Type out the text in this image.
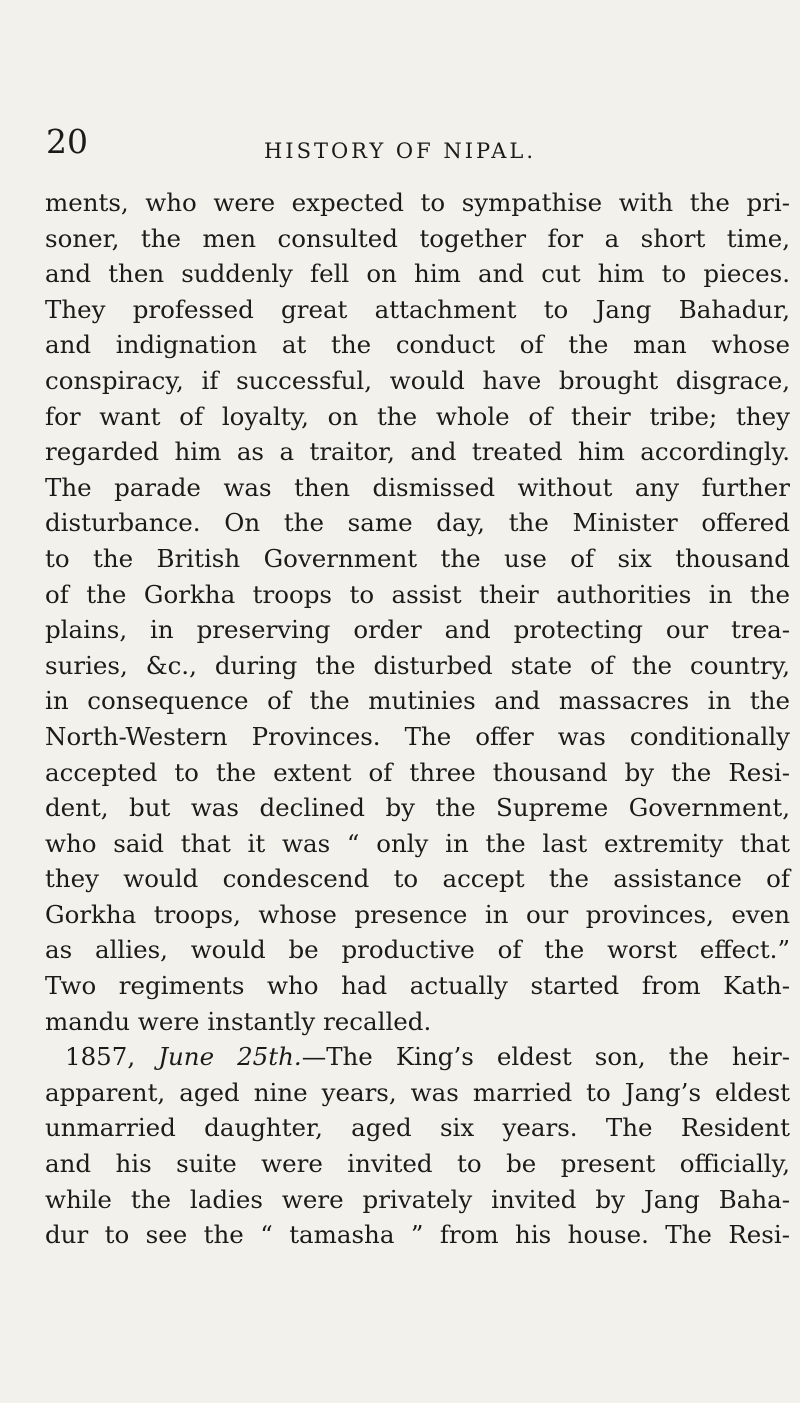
20	HISTORY OF NIPAL.
ments, who were expected to sympathise with the pri-
soner, the men consulted together for a short time,
and then suddenly fell on him and cut him to pieces.
They professed great attachment to Jang Bahadur,
and indignation at the conduct of the man whose
conspiracy, if successful, would have brought disgrace,
for want of loyalty, on the whole of their tribe; they
regarded him as a traitor, and treated him accordingly.
The parade was then dismissed without any further
disturbance. On the same day, the Minister offered
to the British Government the use of six thousand
of the Gorkha troops to assist their authorities in the
plains, in preserving order and protecting our trea-
suries, &c., during the disturbed state of the country,
in consequence of the mutinies and massacres in the
North-Western Provinces. The offer was conditionally
accepted to the extent of three thousand by the Resi-
dent, but was declined by the Supreme Government,
who said that it was “ only in the last extremity that
they would condescend to accept the assistance of
Gorkha troops, whose presence in our provinces, even
as allies, would be productive of the worst effect.”
Two regiments who had actually started from Kath-
mandu were instantly recalled.
1857, June 25th.—The King’s eldest son, the heir-
apparent, aged nine years, was married to Jang’s eldest
unmarried daughter, aged six years. The Resident
and his suite were invited to be present officially,
while the ladies were privately invited by Jang Baha-
dur to see the “ tamasha ” from his house. The Resi-
